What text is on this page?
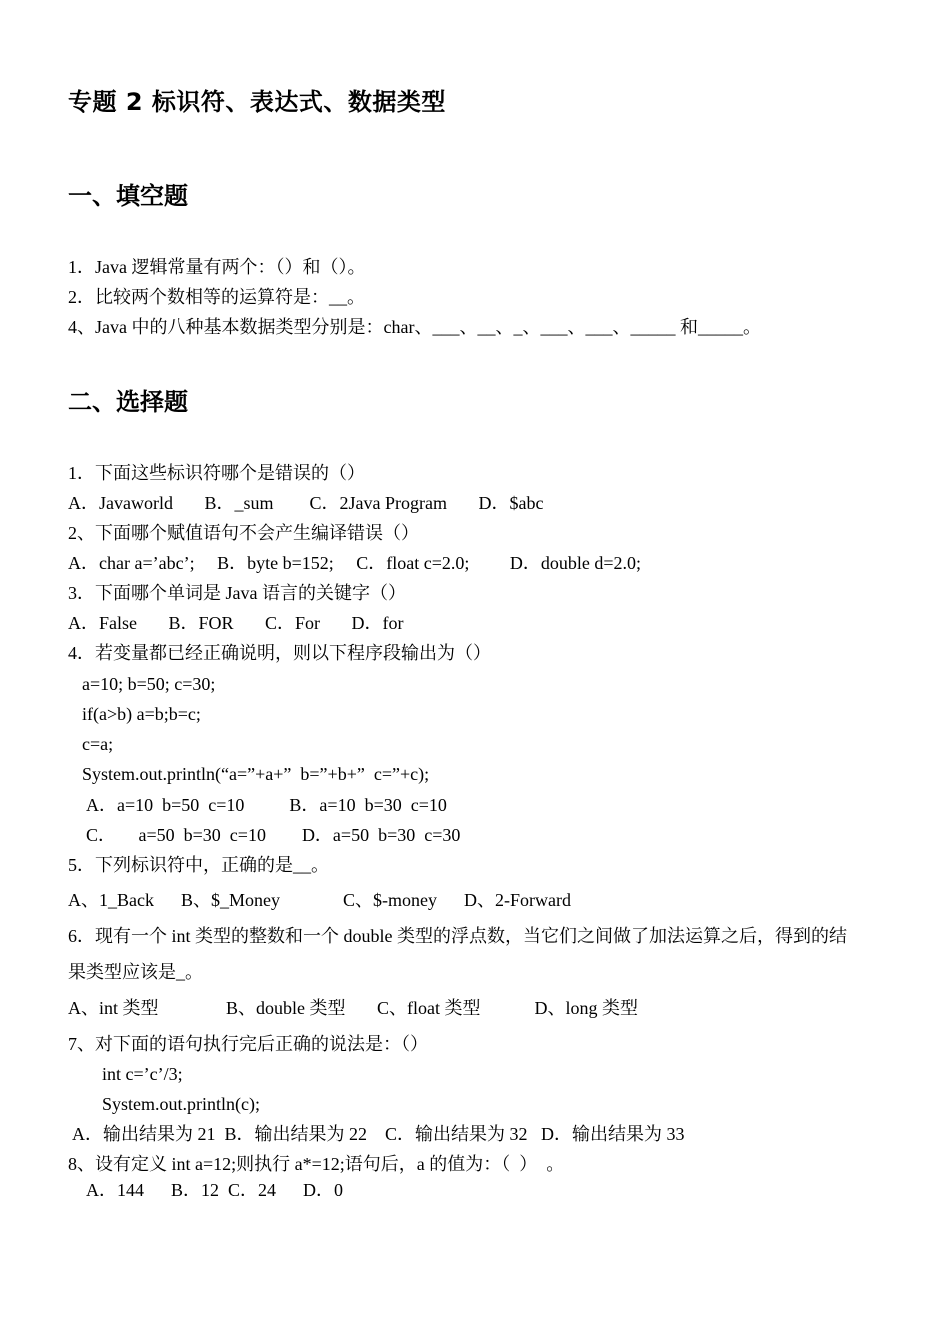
专题 2 标识符、表达式、数据类型
一、填空题
1．Java 逻辑常量有两个：（）和（）。
2．比较两个数相等的运算符是：__。
4、Java 中的八种基本数据类型分别是：char、___、__、_、___、___、_____ 和_____。
二、选择题
1．下面这些标识符哪个是错误的（）
A．Javaworld       B．_sum        C．2Java Program       D．$abc
2、下面哪个赋值语句不会产生编译错误（）
A．char a=’abc’;     B．byte b=152;     C．float c=2.0;         D．double d=2.0;
3．下面哪个单词是 Java 语言的关键字（）
A．False       B．FOR       C．For       D．for
4．若变量都已经正确说明，则以下程序段输出为（）
a=10; b=50; c=30;
if(a>b) a=b;b=c;
c=a;
System.out.println(“a=”+a+”  b=”+b+”  c=”+c);
A．a=10  b=50  c=10          B．a=10  b=30  c=10
C．     a=50  b=30  c=10        D．a=50  b=30  c=30
5．下列标识符中，正确的是__。
A、1_Back      B、$_Money              C、$-money      D、2-Forward
6．现有一个 int 类型的整数和一个 double 类型的浮点数，当它们之间做了加法运算之后，得到的结
果类型应该是_。
A、int 类型               B、double 类型       C、float 类型            D、long 类型
7、对下面的语句执行完后正确的说法是：（）
int c=’c’/3;
System.out.println(c);
A．输出结果为 21  B．输出结果为 22    C．输出结果为 32   D．输出结果为 33
8、设有定义 int a=12;则执行 a*=12;语句后，a 的值为：（  ）  。
A．144      B．12  C．24      D．0
